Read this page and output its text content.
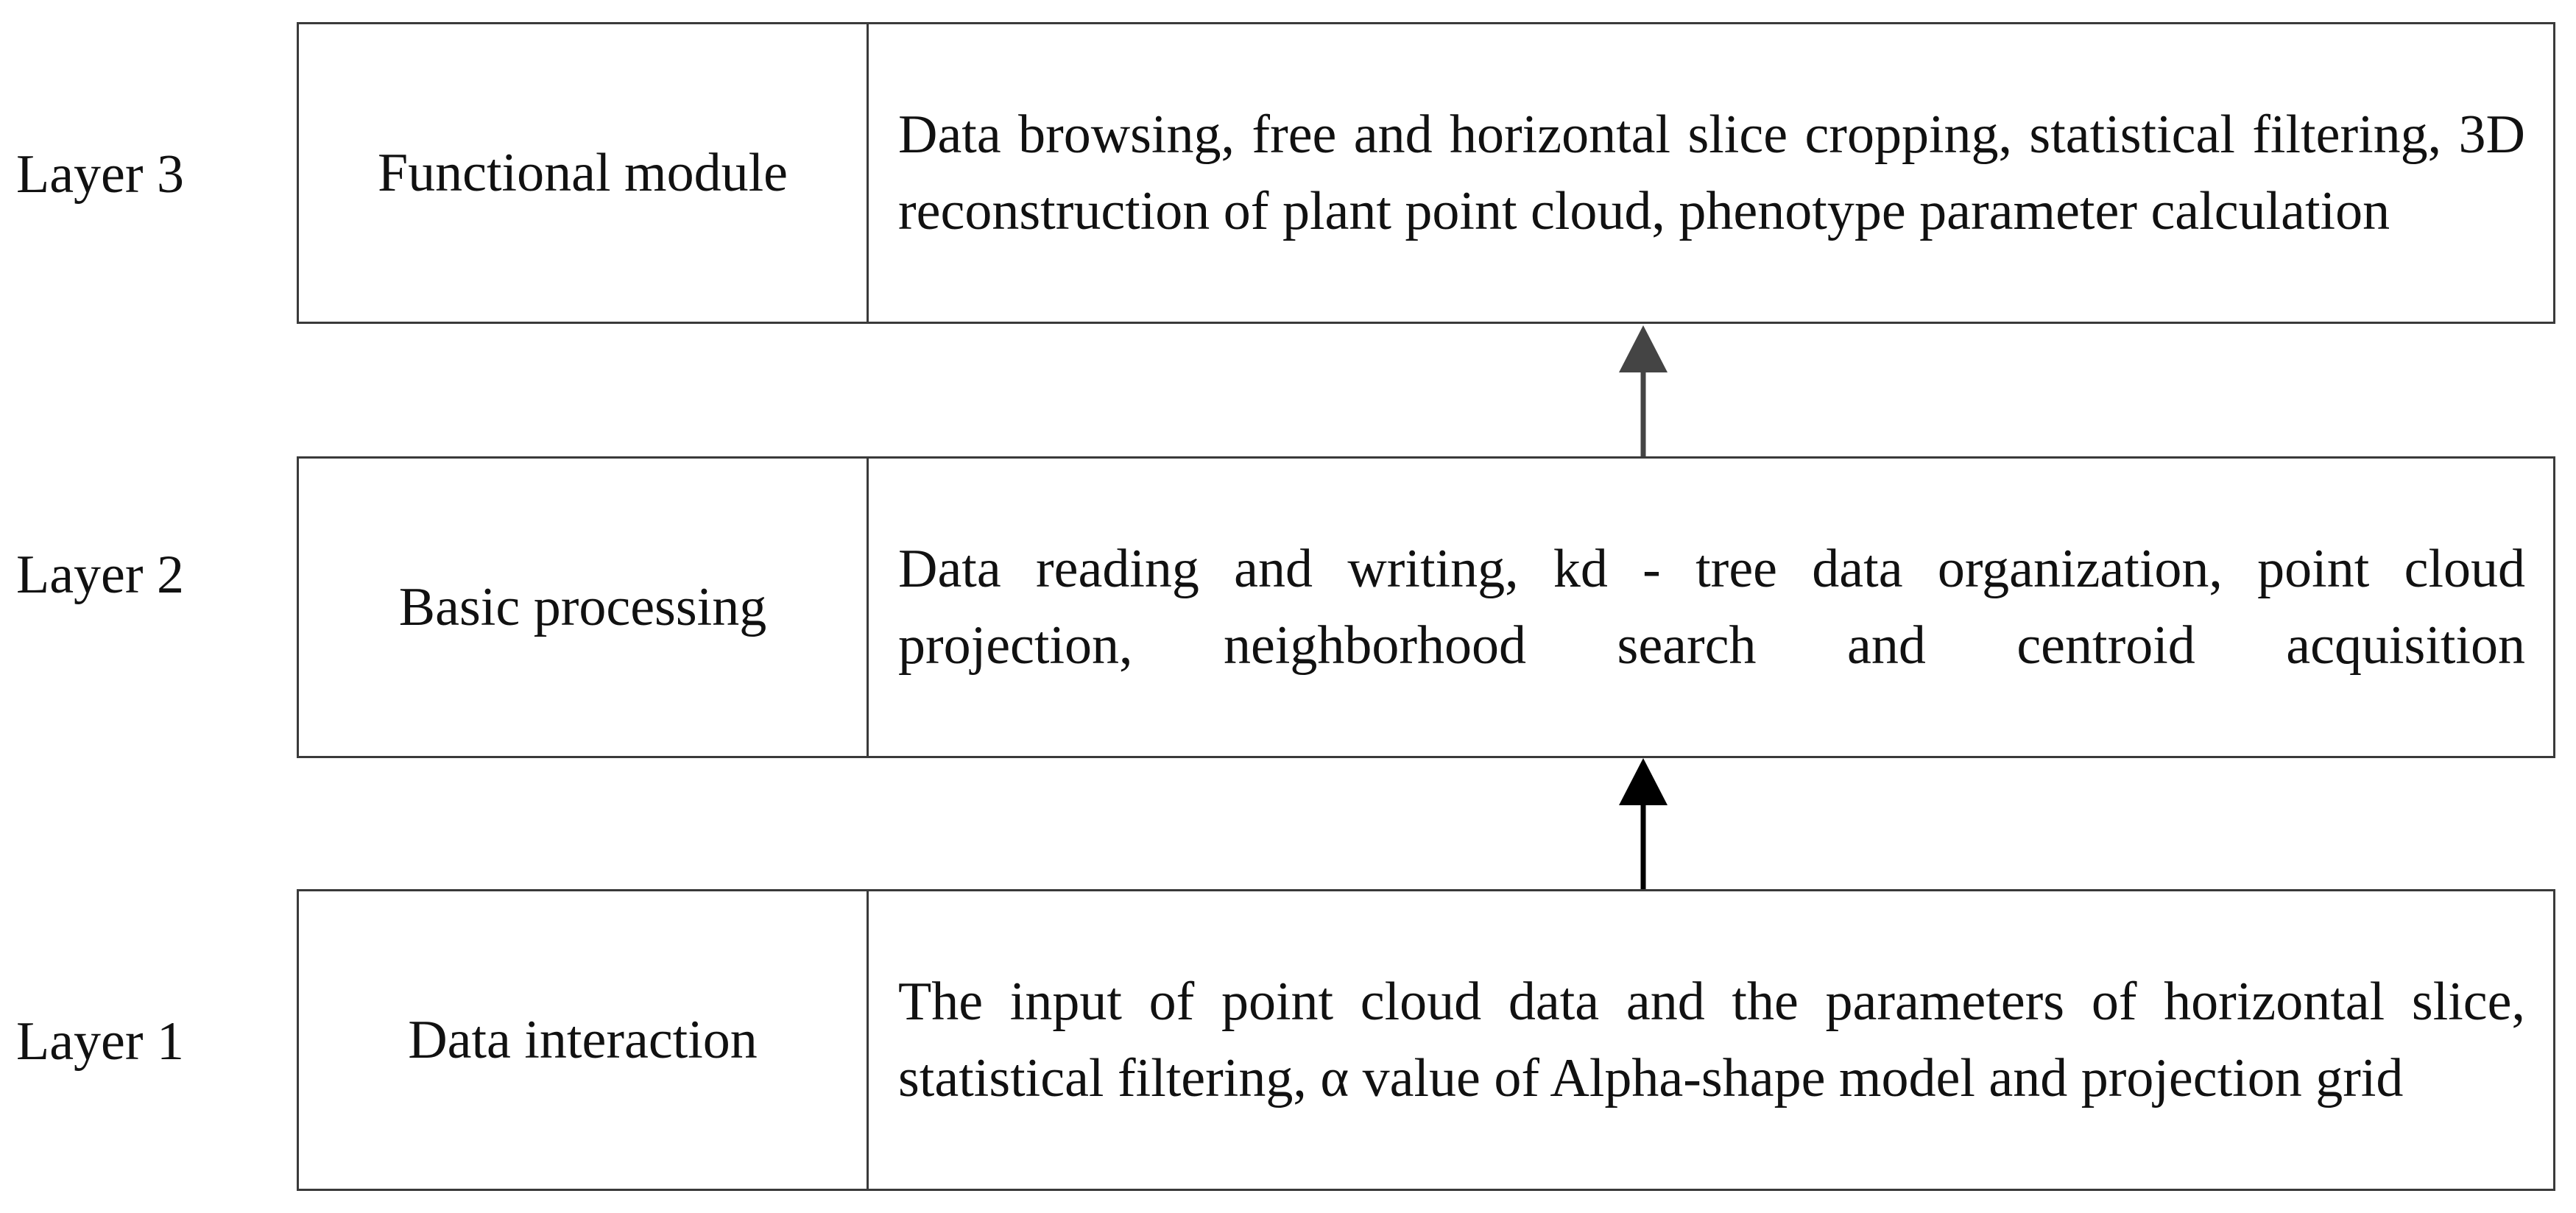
Layer 3	Functional module
Data browsing, free and horizontal slice cropping, statistical filtering, 3D reconstruction of plant point cloud, phenotype parameter calculation
Layer 2
Basic processing
Data reading and writing, kd - tree data organization, point cloud projection, neighborhood search and centroid acquisition
Layer 1	Data interaction
The input of point cloud data and the parameters of horizontal slice, statistical filtering, α value of Alpha-shape model and projection grid
